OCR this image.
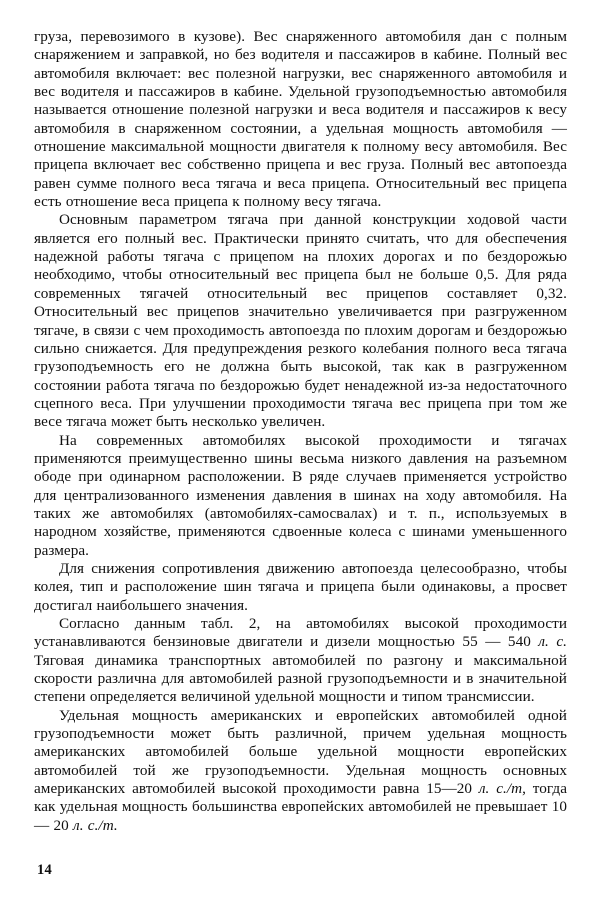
груза, перевозимого в кузове). Вес снаряженного автомобиля дан с полным снаряжением и заправкой, но без водителя и пассажиров в кабине. Полный вес автомобиля включает: вес полезной нагрузки, вес снаряженного автомобиля и вес водителя и пассажиров в кабине. Удельной грузоподъемностью автомобиля называется отношение полезной нагрузки и веса водителя и пассажиров к весу автомобиля в снаряженном состоянии, а удельная мощность автомобиля — отношение максимальной мощности двигателя к полному весу автомобиля. Вес прицепа включает вес собственно прицепа и вес груза. Полный вес автопоезда равен сумме полного веса тягача и веса прицепа. Относительный вес прицепа есть отношение веса прицепа к полному весу тягача.

Основным параметром тягача при данной конструкции ходовой части является его полный вес. Практически принято считать, что для обеспечения надежной работы тягача с прицепом на плохих дорогах и по бездорожью необходимо, чтобы относительный вес прицепа был не больше 0,5. Для ряда современных тягачей относительный вес прицепов составляет 0,32. Относительный вес прицепов значительно увеличивается при разгруженном тягаче, в связи с чем проходимость автопоезда по плохим дорогам и бездорожью сильно снижается. Для предупреждения резкого колебания полного веса тягача грузоподъемность его не должна быть высокой, так как в разгруженном состоянии работа тягача по бездорожью будет ненадежной из-за недостаточного сцепного веса. При улучшении проходимости тягача вес прицепа при том же весе тягача может быть несколько увеличен.

На современных автомобилях высокой проходимости и тягачах применяются преимущественно шины весьма низкого давления на разъемном ободе при одинарном расположении. В ряде случаев применяется устройство для централизованного изменения давления в шинах на ходу автомобиля. На таких же автомобилях (автомобилях-самосвалах) и т. п., используемых в народном хозяйстве, применяются сдвоенные колеса с шинами уменьшенного размера.

Для снижения сопротивления движению автопоезда целесообразно, чтобы колея, тип и расположение шин тягача и прицепа были одинаковы, а просвет достигал наибольшего значения.

Согласно данным табл. 2, на автомобилях высокой проходимости устанавливаются бензиновые двигатели и дизели мощностью 55 — 540 л. с. Тяговая динамика транспортных автомобилей по разгону и максимальной скорости различна для автомобилей разной грузоподъемности и в значительной степени определяется величиной удельной мощности и типом трансмиссии.

Удельная мощность американских и европейских автомобилей одной грузоподъемности может быть различной, причем удельная мощность американских автомобилей больше удельной мощности европейских автомобилей той же грузоподъемности. Удельная мощность основных американских автомобилей высокой проходимости равна 15—20 л. с./т, тогда как удельная мощность большинства европейских автомобилей не превышает 10 — 20 л. с./т.

14
